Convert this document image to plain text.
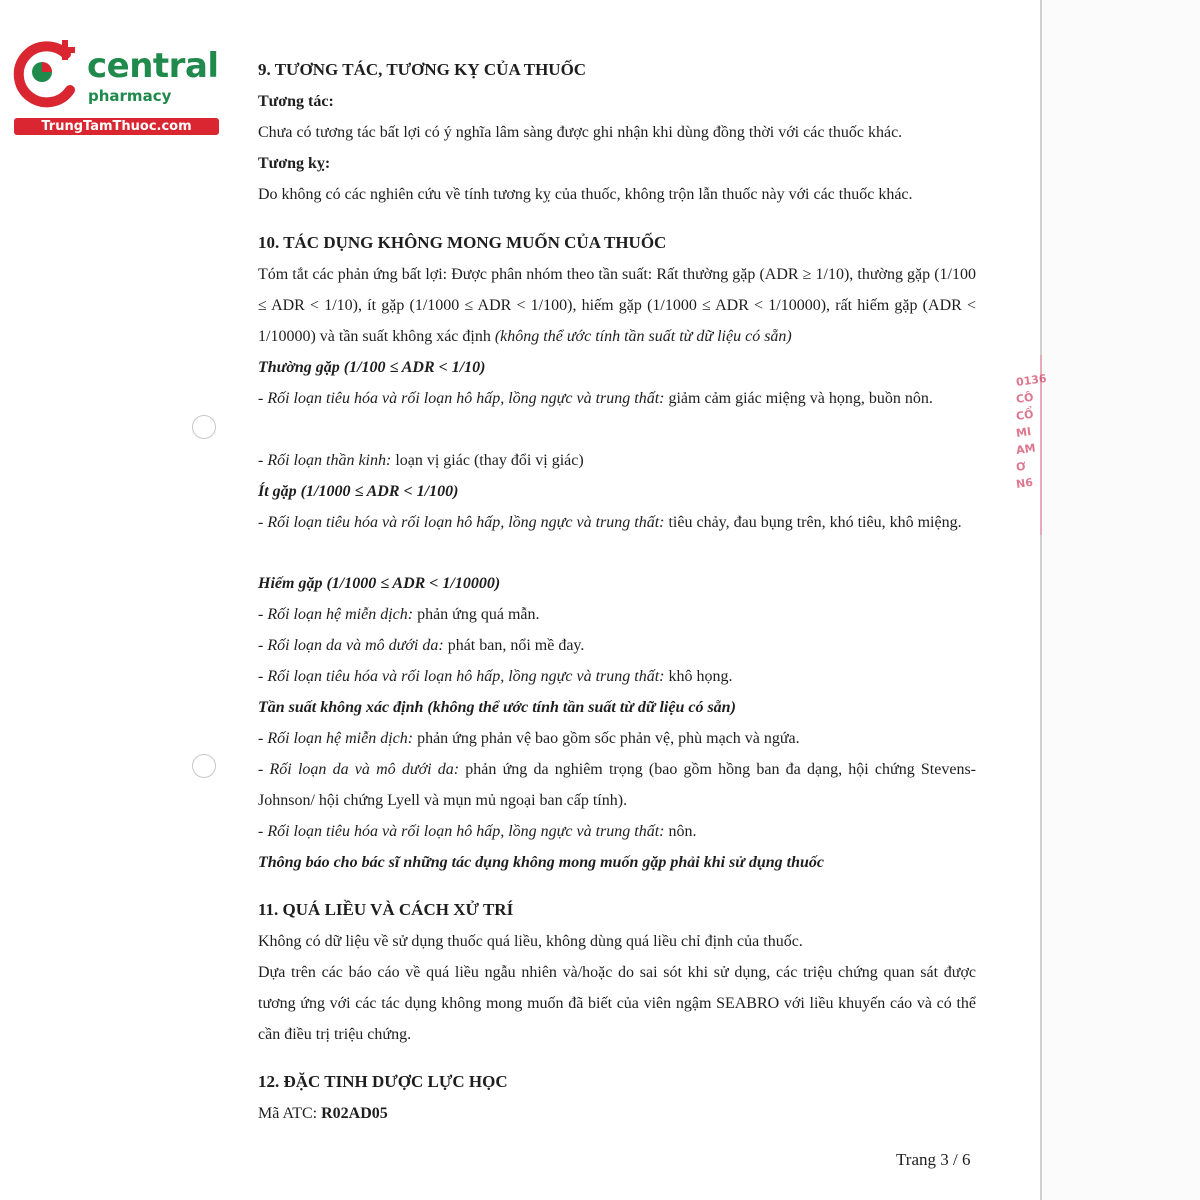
0136
CÔ
CỔ
MI
AM
Ơ
N6
central
pharmacy
TrungTamThuoc.com
9. TƯƠNG TÁC, TƯƠNG KỴ CỦA THUỐC
Tương tác:
Chưa có tương tác bất lợi có ý nghĩa lâm sàng được ghi nhận khi dùng đồng thời với các thuốc khác.
Tương kỵ:
Do không có các nghiên cứu về tính tương kỵ của thuốc, không trộn lẫn thuốc này với các thuốc khác.
10. TÁC DỤNG KHÔNG MONG MUỐN CỦA THUỐC
Tóm tắt các phản ứng bất lợi: Được phân nhóm theo tần suất: Rất thường gặp (ADR ≥ 1/10), thường gặp (1/100 ≤ ADR < 1/10), ít gặp (1/1000 ≤ ADR < 1/100), hiếm gặp (1/1000 ≤ ADR < 1/10000), rất hiếm gặp (ADR < 1/10000) và tần suất không xác định (không thể ước tính tần suất từ dữ liệu có sẵn)
Thường gặp (1/100 ≤ ADR < 1/10)
- Rối loạn tiêu hóa và rối loạn hô hấp, lồng ngực và trung thất: giảm cảm giác miệng và họng, buồn nôn.
- Rối loạn thần kinh: loạn vị giác (thay đổi vị giác)
Ít gặp (1/1000 ≤ ADR < 1/100)
- Rối loạn tiêu hóa và rối loạn hô hấp, lồng ngực và trung thất: tiêu chảy, đau bụng trên, khó tiêu, khô miệng.
Hiếm gặp (1/1000 ≤ ADR < 1/10000)
- Rối loạn hệ miễn dịch: phản ứng quá mẫn.
- Rối loạn da và mô dưới da: phát ban, nổi mề đay.
- Rối loạn tiêu hóa và rối loạn hô hấp, lồng ngực và trung thất: khô họng.
Tần suất không xác định (không thể ước tính tần suất từ dữ liệu có sẵn)
- Rối loạn hệ miễn dịch: phản ứng phản vệ bao gồm sốc phản vệ, phù mạch và ngứa.
- Rối loạn da và mô dưới da: phản ứng da nghiêm trọng (bao gồm hồng ban đa dạng, hội chứng Stevens-Johnson/ hội chứng Lyell và mụn mủ ngoại ban cấp tính).
- Rối loạn tiêu hóa và rối loạn hô hấp, lồng ngực và trung thất: nôn.
Thông báo cho bác sĩ những tác dụng không mong muốn gặp phải khi sử dụng thuốc
11. QUÁ LIỀU VÀ CÁCH XỬ TRÍ
Không có dữ liệu về sử dụng thuốc quá liều, không dùng quá liều chỉ định của thuốc.
Dựa trên các báo cáo về quá liều ngẫu nhiên và/hoặc do sai sót khi sử dụng, các triệu chứng quan sát được tương ứng với các tác dụng không mong muốn đã biết của viên ngậm SEABRO với liều khuyến cáo và có thể cần điều trị triệu chứng.
12. ĐẶC TINH DƯỢC LỰC HỌC
Mã ATC: R02AD05
Trang 3 / 6
